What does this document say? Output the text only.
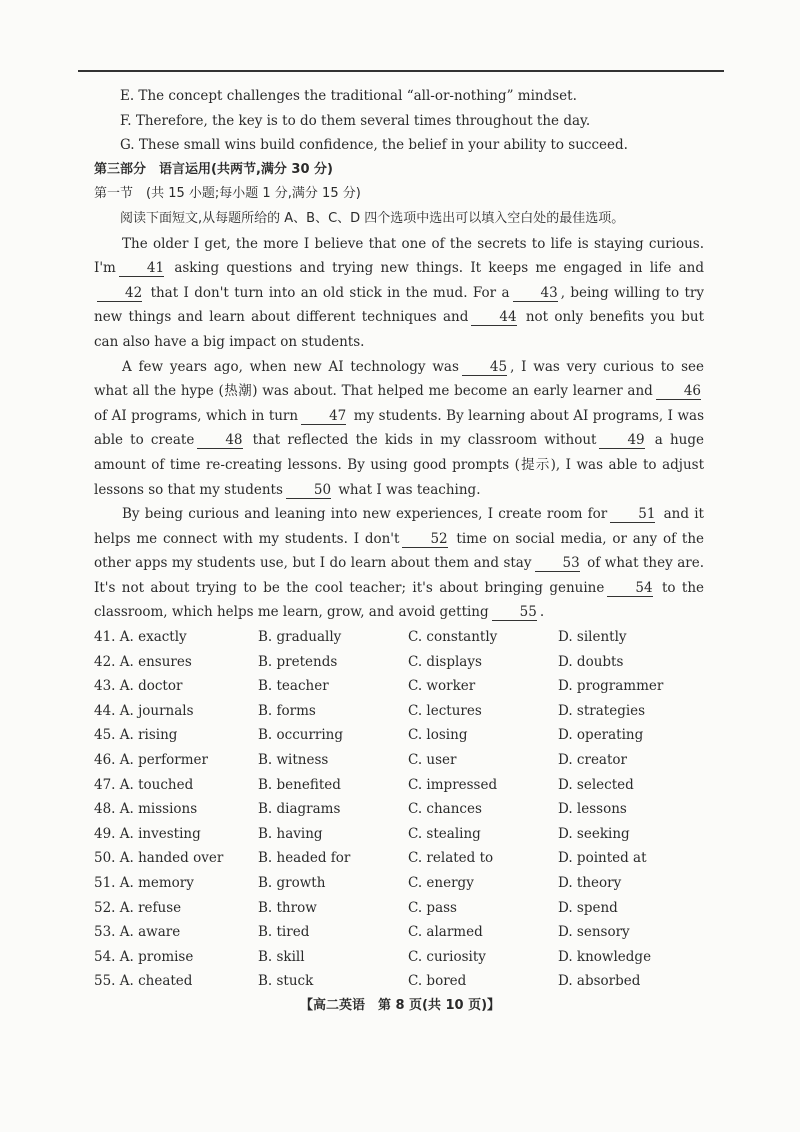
E. The concept challenges the traditional “all-or-nothing” mindset.

F. Therefore, the key is to do them several times throughout the day.

G. These small wins build confidence, the belief in your ability to succeed.

第三部分　语言运用(共两节,满分 30 分)

第一节　(共 15 小题;每小题 1 分,满分 15 分)

阅读下面短文,从每题所给的 A、B、C、D 四个选项中选出可以填入空白处的最佳选项。

The older I get, the more I believe that one of the secrets to life is staying curious. I'm 41 asking questions and trying new things. It keeps me engaged in life and42 that I don't turn into an old stick in the mud. For a 43 , being willing to try new things and learn about different techniques and 44 not only benefits you but can also have a big impact on students.

A few years ago, when new AI technology was 45 , I was very curious to see what all the hype (热潮) was about. That helped me become an early learner and 46 of AI programs, which in turn 47 my students. By learning about AI programs, I was able to create 48 that reflected the kids in my classroom without 49 a huge amount of time re-creating lessons. By using good prompts (提示), I was able to adjust lessons so that my students 50 what I was teaching.

By being curious and leaning into new experiences, I create room for 51 and it helps me connect with my students. I don't 52 time on social media, or any of the other apps my students use, but I do learn about them and stay 53 of what they are. It's not about trying to be the cool teacher; it's about bringing genuine 54 to the classroom, which helps me learn, grow, and avoid getting 55 .

41. A. exactly	B. gradually	C. constantly	D. silently
42. A. ensures	B. pretends	C. displays	D. doubts
43. A. doctor	B. teacher	C. worker	D. programmer
44. A. journals	B. forms	C. lectures	D. strategies
45. A. rising	B. occurring	C. losing	D. operating
46. A. performer	B. witness	C. user	D. creator
47. A. touched	B. benefited	C. impressed	D. selected
48. A. missions	B. diagrams	C. chances	D. lessons
49. A. investing	B. having	C. stealing	D. seeking
50. A. handed over	B. headed for	C. related to	D. pointed at
51. A. memory	B. growth	C. energy	D. theory
52. A. refuse	B. throw	C. pass	D. spend
53. A. aware	B. tired	C. alarmed	D. sensory
54. A. promise	B. skill	C. curiosity	D. knowledge
55. A. cheated	B. stuck	C. bored	D. absorbed
【高二英语　第 8 页(共 10 页)】
